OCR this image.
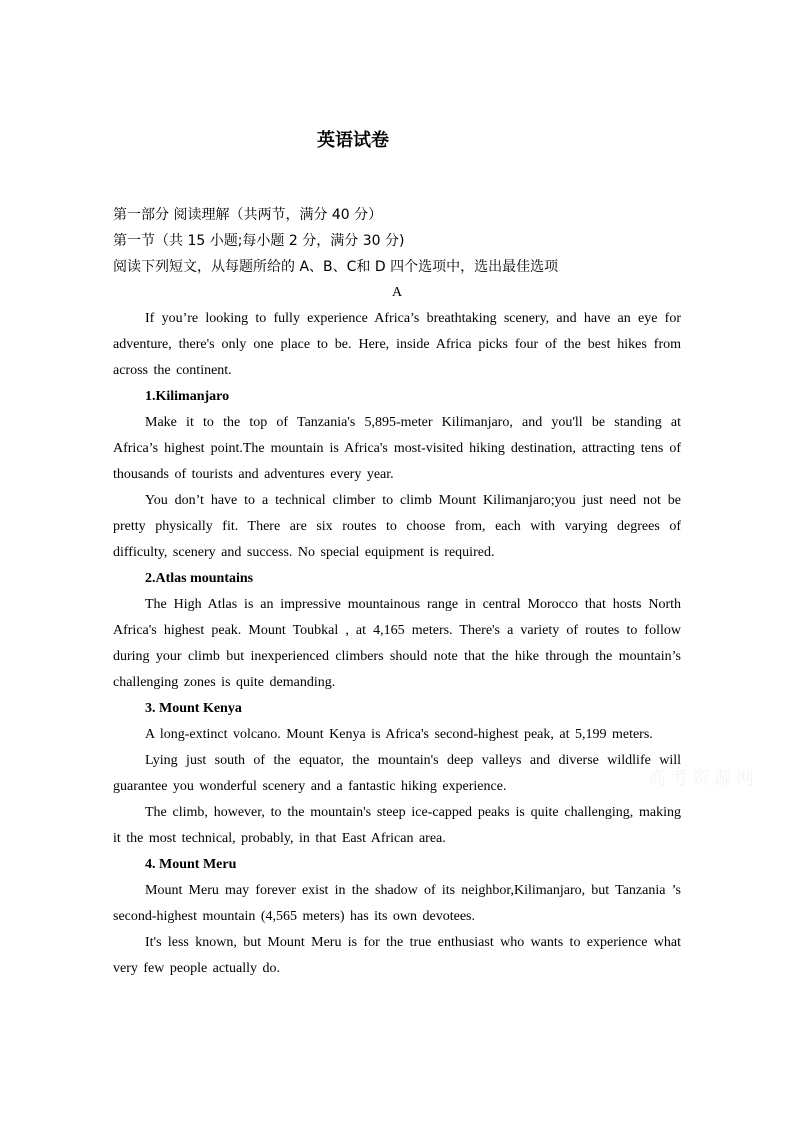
高考资源网
英语试卷
第一部分 阅读理解（共两节，满分 40 分）
第一节（共 15 小题;每小题 2 分，满分 30 分)
阅读下列短文，从每题所给的 A、B、C和 D 四个选项中，选出最佳选项
A

If you’re looking to fully experience Africa’s breathtaking scenery, and have an eye for adventure, there's only one place to be. Here, inside Africa picks four of the best hikes from across the continent.

1.Kilimanjaro

Make it to the top of Tanzania's 5,895-meter Kilimanjaro, and you'll be standing at Africa’s highest point.The mountain is Africa's most-visited hiking destination, attracting tens of thousands of tourists and adventures every year.

You don’t have to a technical climber to climb Mount Kilimanjaro;you just need not be pretty physically fit. There are six routes to choose from, each with varying degrees of difficulty, scenery and success. No special equipment is required.

2.Atlas mountains

The High Atlas is an impressive mountainous range in central Morocco that hosts North Africa's highest peak. Mount Toubkal , at 4,165 meters. There's a variety of routes to follow during your climb but inexperienced climbers should note that the hike through the mountain’s challenging zones is quite demanding.

3. Mount Kenya

A long-extinct volcano. Mount Kenya is Africa's second-highest peak, at 5,199 meters.

Lying just south of the equator, the mountain's deep valleys and diverse wildlife will guarantee you wonderful scenery and a fantastic hiking experience.

The climb, however, to the mountain's steep ice-capped peaks is quite challenging, making it the most technical, probably, in that East African area.

4. Mount Meru

Mount Meru may forever exist in the shadow of its neighbor,Kilimanjaro, but Tanzania ’s second-highest mountain (4,565 meters) has its own devotees.

It's less known, but Mount Meru is for the true enthusiast who wants to experience what very few people actually do.
